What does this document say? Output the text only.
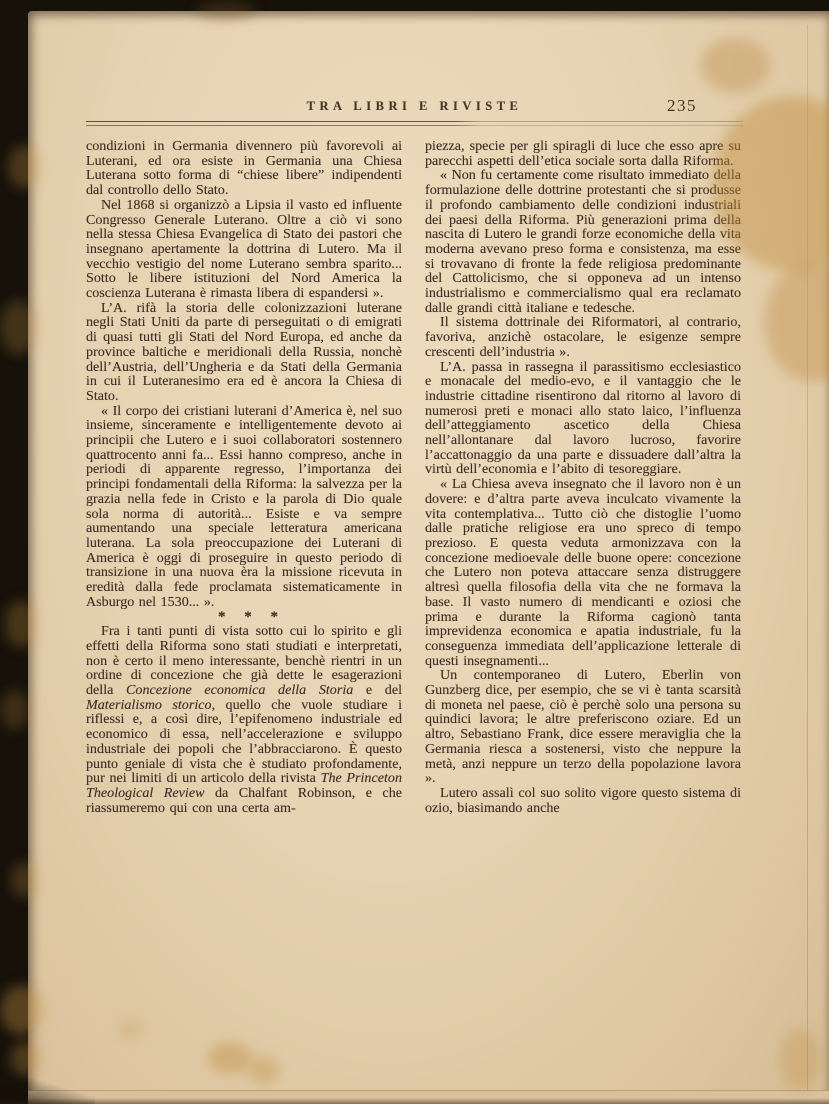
TRA LIBRI E RIVISTE	235

condizioni in Germania divennero più favorevoli ai Luterani, ed ora esiste in Germania una Chiesa Luterana sotto forma di “chiese libere” indipendenti dal controllo dello Stato.

Nel 1868 si organizzò a Lipsia il vasto ed influente Congresso Generale Luterano. Oltre a ciò vi sono nella stessa Chiesa Evangelica di Stato dei pastori che insegnano apertamente la dottrina di Lutero. Ma il vecchio vestigio del nome Luterano sembra sparito... Sotto le libere istituzioni del Nord America la coscienza Luterana è rimasta libera di espandersi ».

L’A. rifà la storia delle colonizzazioni luterane negli Stati Uniti da parte di perseguitati o di emigrati di quasi tutti gli Stati del Nord Europa, ed anche da province baltiche e meridionali della Russia, nonchè dell’Austria, dell’Ungheria e da Stati della Germania in cui il Luteranesimo era ed è ancora la Chiesa di Stato.

« Il corpo dei cristiani luterani d’America è, nel suo insieme, sinceramente e intelligentemente devoto ai principii che Lutero e i suoi collaboratori sostennero quattrocento anni fa... Essi hanno compreso, anche in periodi di apparente regresso, l’importanza dei principi fondamentali della Riforma: la salvezza per la grazia nella fede in Cristo e la parola di Dio quale sola norma di autorità... Esiste e va sempre aumentando una speciale letteratura americana luterana. La sola preoccupazione dei Luterani di America è oggi di proseguire in questo periodo di transizione in una nuova èra la missione ricevuta in eredità dalla fede proclamata sistematicamente in Asburgo nel 1530... ».

* * *

Fra i tanti punti di vista sotto cui lo spirito e gli effetti della Riforma sono stati studiati e interpretati, non è certo il meno interessante, benchè rientri in un ordine di concezione che già dette le esagerazioni della Concezione economica della Storia e del Materialismo storico, quello che vuole studiare i riflessi e, a così dire, l’epifenomeno industriale ed economico di essa, nell’accelerazione e sviluppo industriale dei popoli che l’abbracciarono. È questo punto geniale di vista che è studiato profondamente, pur nei limiti di un articolo della rivista The Princeton Theological Review da Chalfant Robinson, e che riassumeremo qui con una certa am-

piezza, specie per gli spiragli di luce che esso apre su parecchi aspetti dell’etica sociale sorta dalla Riforma.

« Non fu certamente come risultato immediato della formulazione delle dottrine protestanti che si produsse il profondo cambiamento delle condizioni industriali dei paesi della Riforma. Più generazioni prima della nascita di Lutero le grandi forze economiche della vita moderna avevano preso forma e consistenza, ma esse si trovavano di fronte la fede religiosa predominante del Cattolicismo, che si opponeva ad un intenso industrialismo e commercialismo qual era reclamato dalle grandi città italiane e tedesche.

Il sistema dottrinale dei Riformatori, al contrario, favoriva, anzichè ostacolare, le esigenze sempre crescenti dell’industria ».

L’A. passa in rassegna il parassitismo ecclesiastico e monacale del medio-evo, e il vantaggio che le industrie cittadine risentirono dal ritorno al lavoro di numerosi preti e monaci allo stato laico, l’influenza dell’atteggiamento ascetico della Chiesa nell’allontanare dal lavoro lucroso, favorire l’accattonaggio da una parte e dissuadere dall’altra la virtù dell’economia e l’abito di tesoreggiare.

« La Chiesa aveva insegnato che il lavoro non è un dovere: e d’altra parte aveva inculcato vivamente la vita contemplativa... Tutto ciò che distoglie l’uomo dalle pratiche religiose era uno spreco di tempo prezioso. E questa veduta armonizzava con la concezione medioevale delle buone opere: concezione che Lutero non poteva attaccare senza distruggere altresì quella filosofia della vita che ne formava la base. Il vasto numero di mendicanti e oziosi che prima e durante la Riforma cagionò tanta imprevidenza economica e apatia industriale, fu la conseguenza immediata dell’applicazione letterale di questi insegnamenti...

Un contemporaneo di Lutero, Eberlin von Gunzberg dice, per esempio, che se vi è tanta scarsità di moneta nel paese, ciò è perchè solo una persona su quindici lavora; le altre preferiscono oziare. Ed un altro, Sebastiano Frank, dice essere meraviglia che la Germania riesca a sostenersi, visto che neppure la metà, anzi neppure un terzo della popolazione lavora ».

Lutero assalì col suo solito vigore questo sistema di ozio, biasimando anche
